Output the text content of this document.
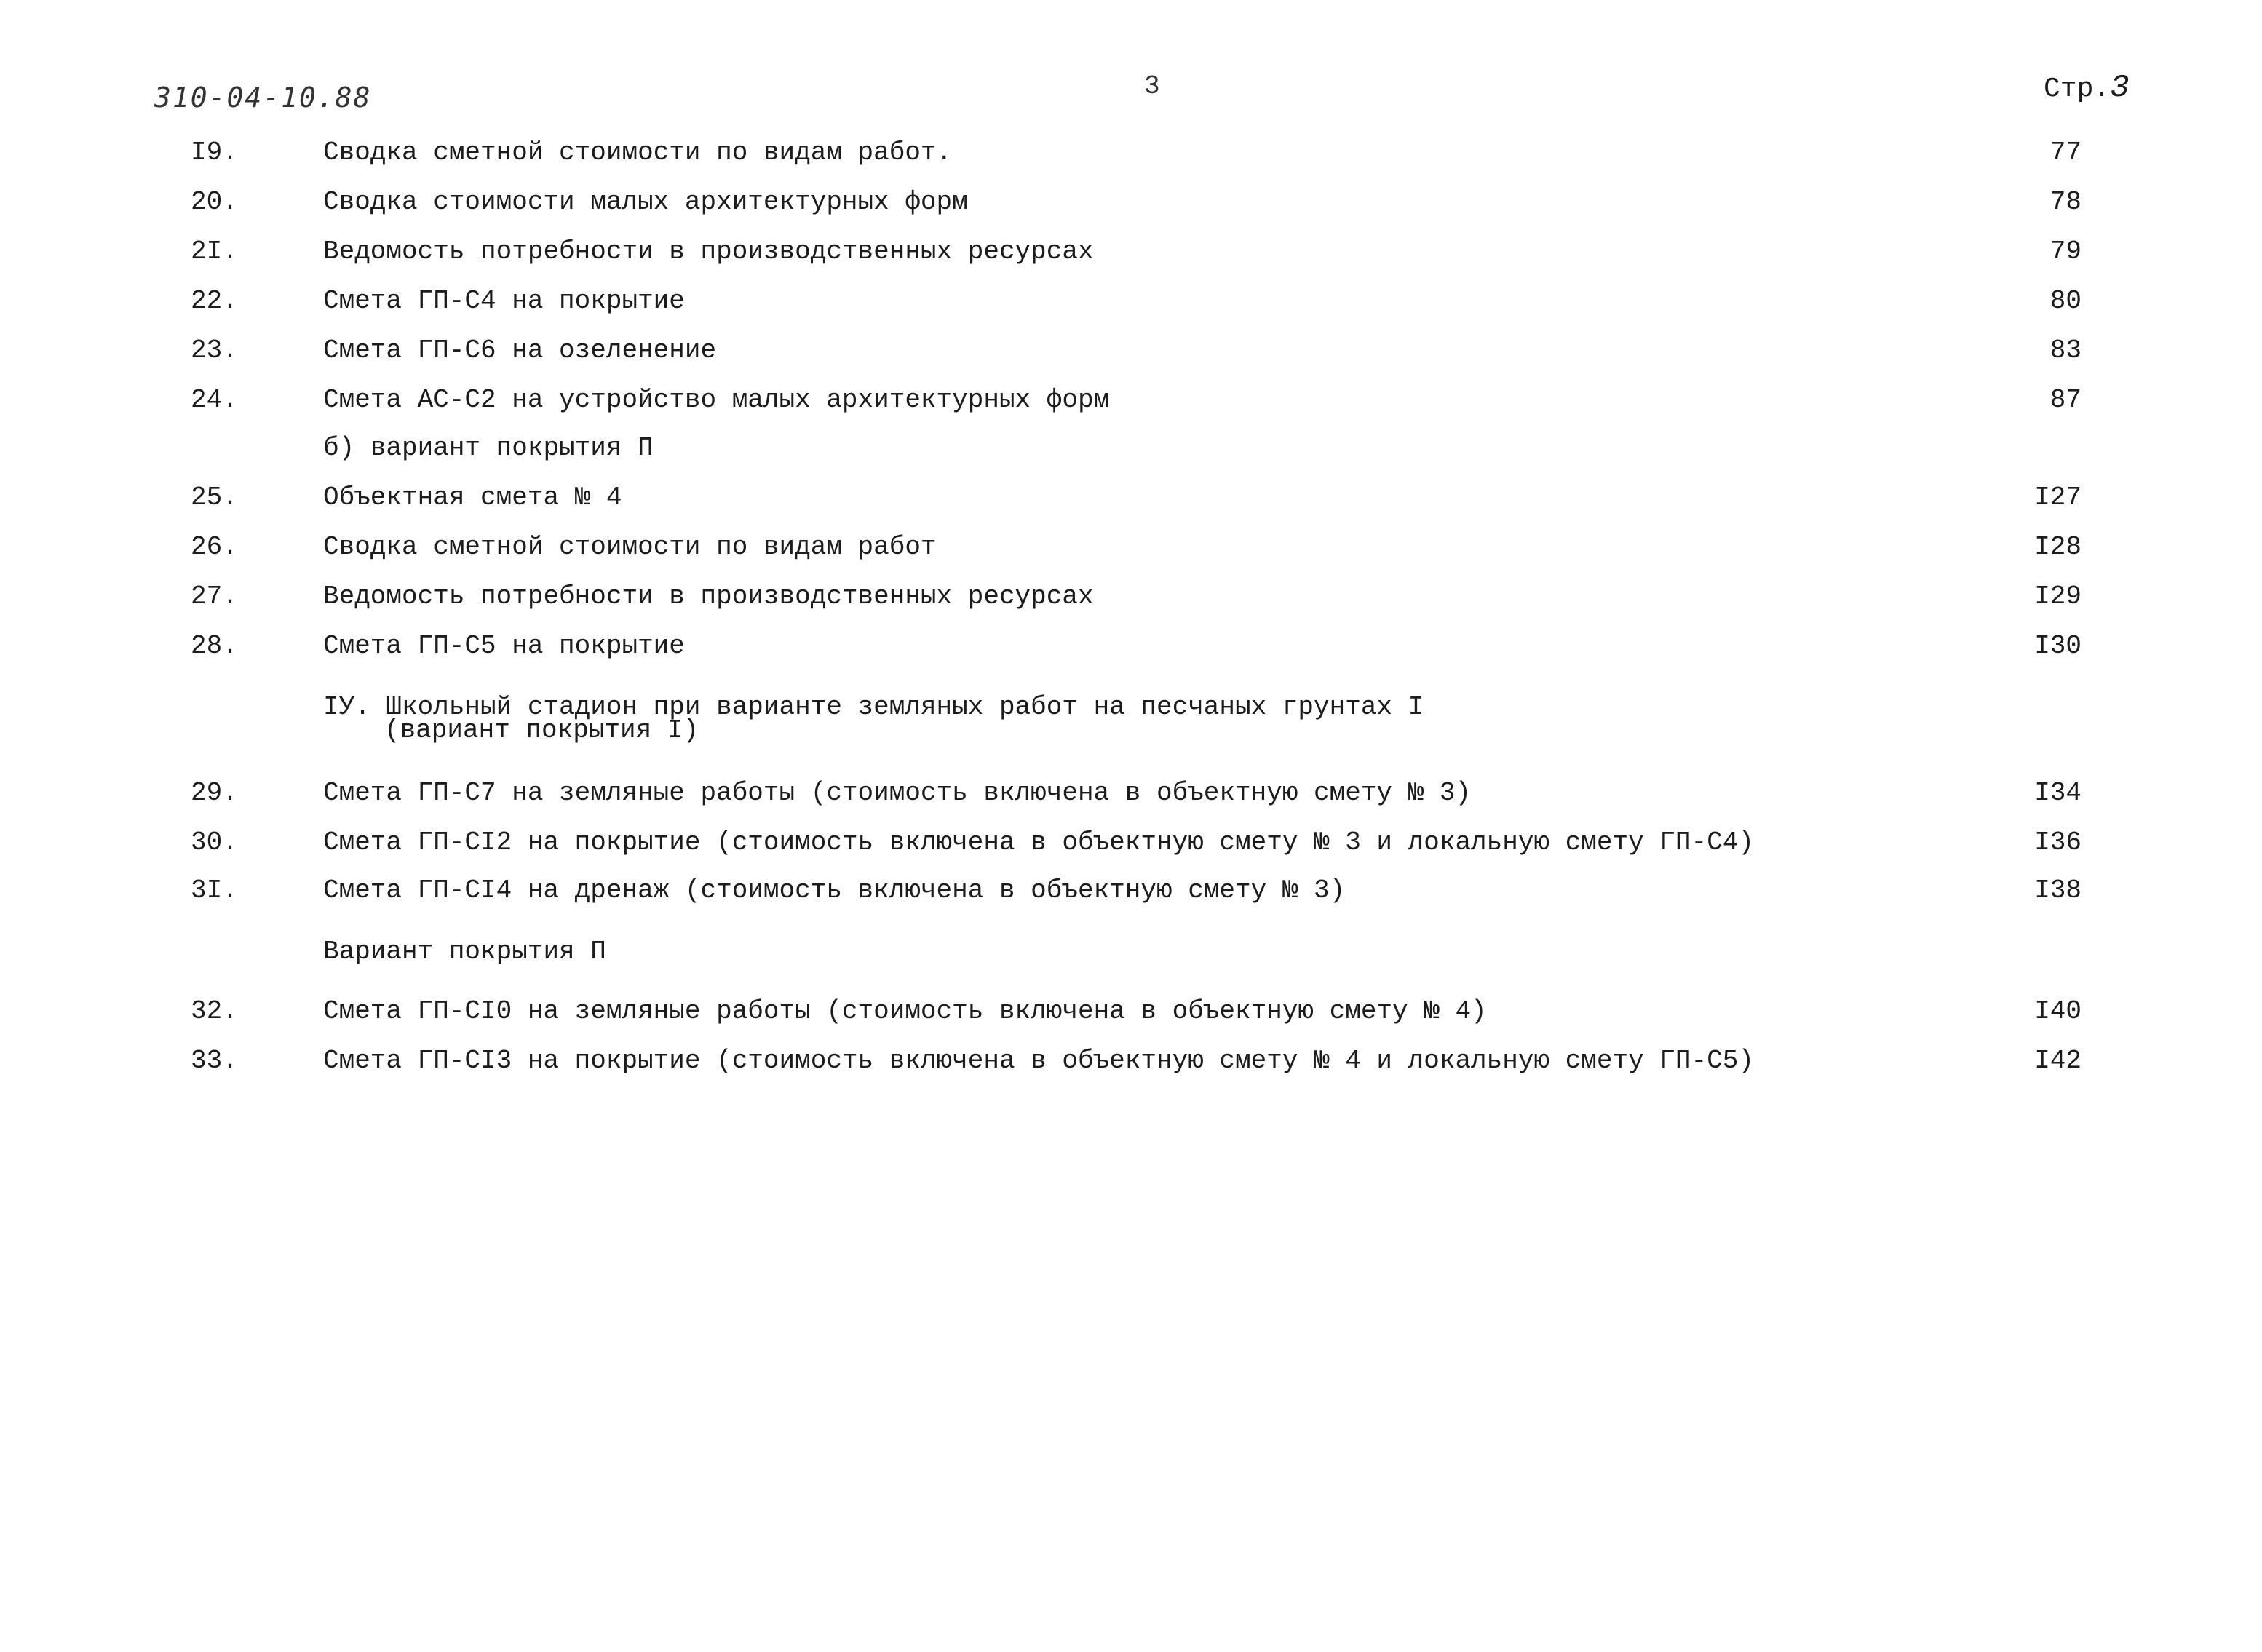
310-04-10.88	3	Стр.3
I9.	Сводка сметной стоимости по видам работ.	77
20.	Сводка стоимости малых архитектурных форм	78
2I.	Ведомость потребности в производственных ресурсах	79
22.	Смета ГП-С4 на покрытие	80
23.	Смета ГП-С6 на озеленение	83
24.	Смета АС-С2 на устройство малых архитектурных форм	87
б) вариант покрытия П
25.	Объектная смета № 4	I27
26.	Сводка сметной стоимости по видам работ	I28
27.	Ведомость потребности в производственных ресурсах	I29
28.	Смета ГП-С5 на покрытие	I30
IУ. Школьный стадион при варианте земляных работ на песчаных грунтах I
(вариант покрытия I)
29.	Смета ГП-С7 на земляные работы (стоимость включена в объектную смету № 3)	I34
30.	Смета ГП-СI2 на покрытие (стоимость включена в объектную смету № 3 и локальную смету ГП-С4)	I36
3I.	Смета ГП-СI4 на дренаж (стоимость включена в объектную смету № 3)	I38
Вариант покрытия П
32.	Смета ГП-СI0 на земляные работы (стоимость включена в объектную смету № 4)	I40
33.	Смета ГП-СI3 на покрытие (стоимость включена в объектную смету № 4 и локальную смету ГП-С5)	I42
